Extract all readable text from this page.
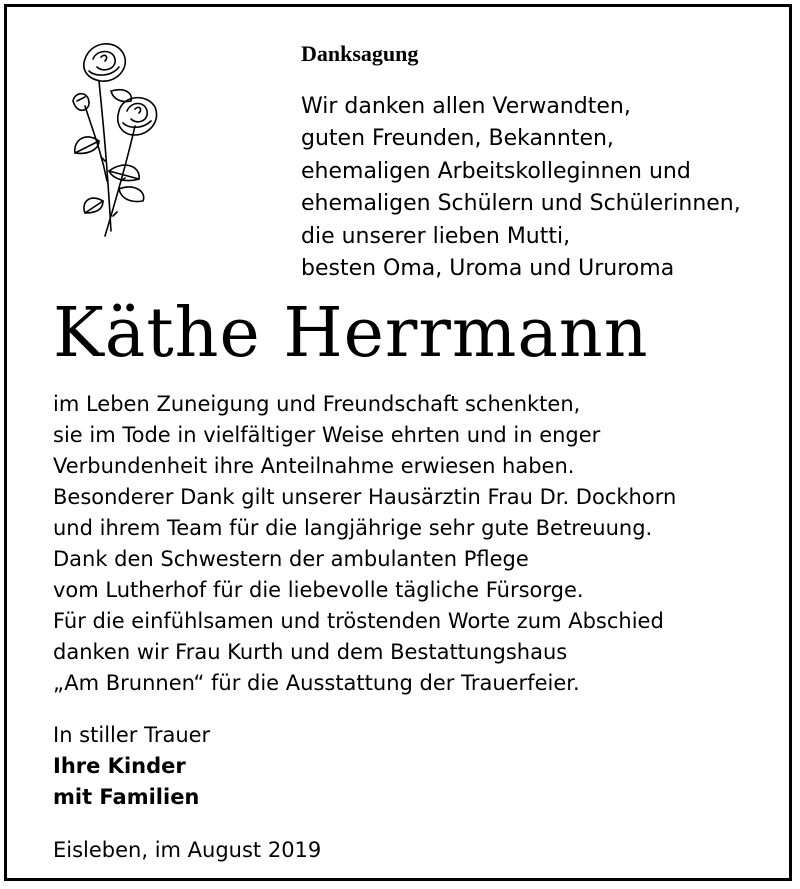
Danksagung
Wir danken allen Verwandten,
guten Freunden, Bekannten,
ehemaligen Arbeitskolleginnen und
ehemaligen Schülern und Schülerinnen,
die unserer lieben Mutti,
besten Oma, Uroma und Ururoma
Käthe Herrmann
im Leben Zuneigung und Freundschaft schenkten,
sie im Tode in vielfältiger Weise ehrten und in enger
Verbundenheit ihre Anteilnahme erwiesen haben.
Besonderer Dank gilt unserer Hausärztin Frau Dr. Dockhorn
und ihrem Team für die langjährige sehr gute Betreuung.
Dank den Schwestern der ambulanten Pflege
vom Lutherhof für die liebevolle tägliche Fürsorge.
Für die einfühlsamen und tröstenden Worte zum Abschied
danken wir Frau Kurth und dem Bestattungshaus
„Am Brunnen“ für die Ausstattung der Trauerfeier.
In stiller Trauer
Ihre Kinder
mit Familien
Eisleben, im August 2019
